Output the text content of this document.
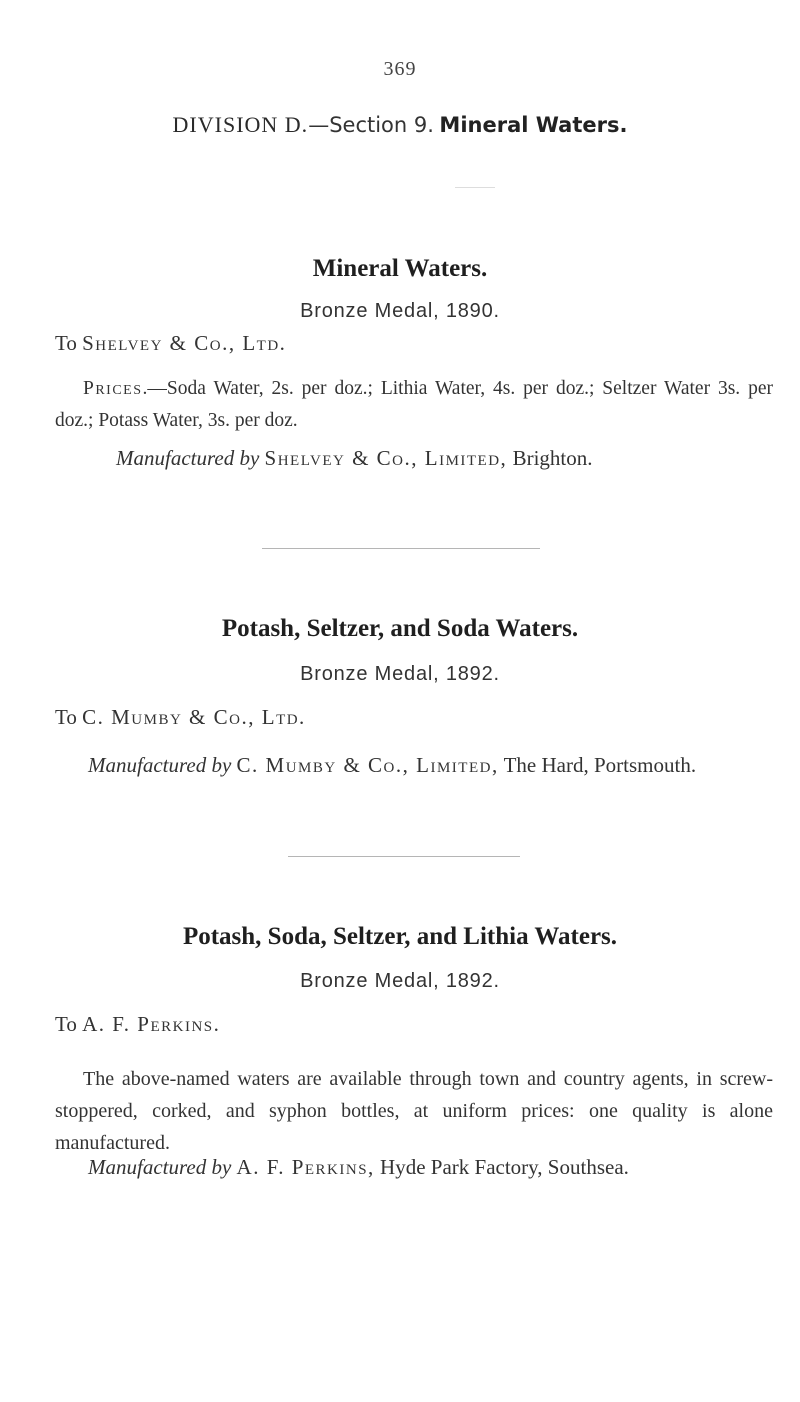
369
DIVISION D.—Section 9. Mineral Waters.
Mineral Waters.
Bronze Medal, 1890.
To Shelvey & Co., Ltd.
Prices.—Soda Water, 2s. per doz.; Lithia Water, 4s. per doz.; Seltzer Water 3s. per doz.; Potass Water, 3s. per doz.
Manufactured by Shelvey & Co., Limited, Brighton.
Potash, Seltzer, and Soda Waters.
Bronze Medal, 1892.
To C. Mumby & Co., Ltd.
Manufactured by C. Mumby & Co., Limited, The Hard, Portsmouth.
Potash, Soda, Seltzer, and Lithia Waters.
Bronze Medal, 1892.
To A. F. Perkins.
The above-named waters are available through town and country agents, in screw-stoppered, corked, and syphon bottles, at uniform prices: one quality is alone manufactured.
Manufactured by A. F. Perkins, Hyde Park Factory, Southsea.
